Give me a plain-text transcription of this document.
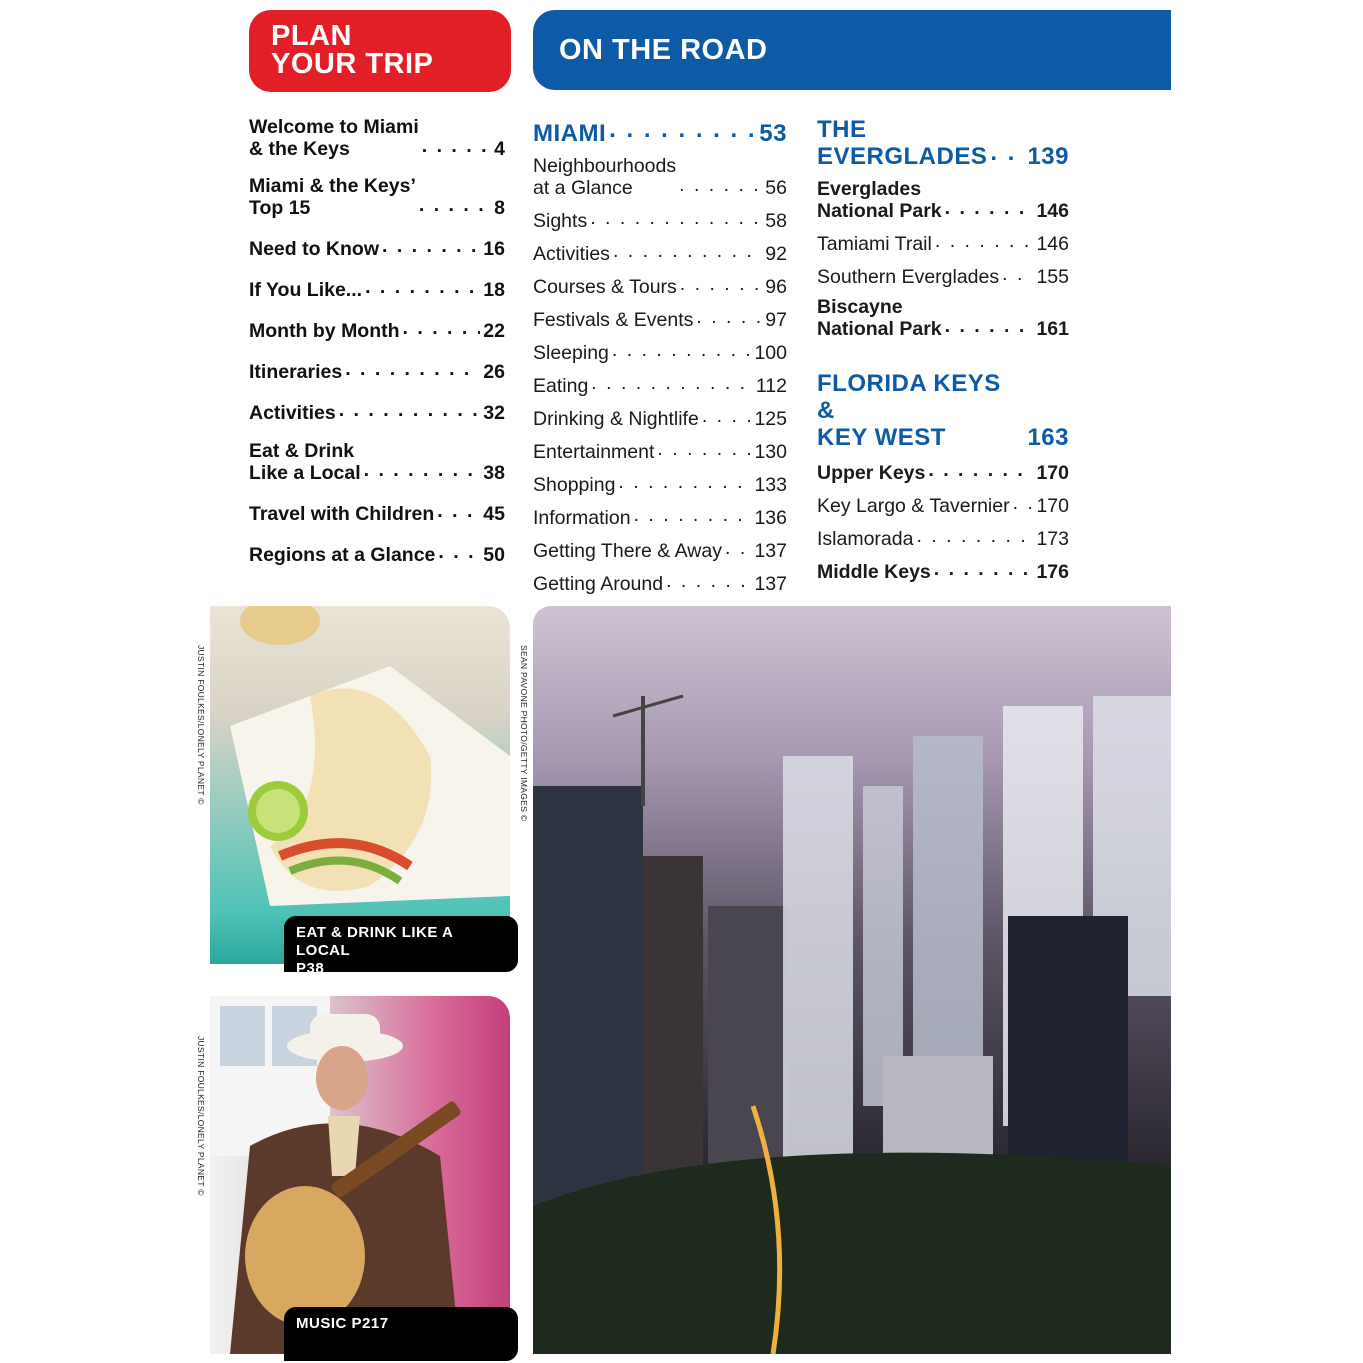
PLAN
YOUR TRIP	ON THE ROAD
Welcome to Miami
& the Keys . . .	4
Miami & the Keys’
Top 15 . . .	8
Need to Know . . .	16
If You Like... . . .	18
Month by Month . . .	22
Itineraries . . .	26
Activities . . .	32
Eat & Drink
Like a Local . . .	38
Travel with Children . . .	45
Regions at a Glance . . . 50
MIAMI . . .	53
Neighbourhoods
at a Glance . . .	56
Sights . . .	58
Activities . . .	92
Courses & Tours . . .	96
Festivals & Events . . .	97
Sleeping . . .	100
Eating . . .	112
Drinking & Nightlife . . .	125
Entertainment . . .	130
Shopping . . .	133
Information . . .	136
Getting There & Away . . . 137
Getting Around . . .	137
THE
EVERGLADES . . . 139
Everglades
National Park . . .	146
Tamiami Trail . . .	146
Southern Everglades . . . 155
Biscayne
National Park . . .	161
FLORIDA KEYS &
KEY WEST	163
Upper Keys . . .	170
Key Largo & Tavernier . . . 170
Islamorada . . .	173
Middle Keys . . .	176
EAT & DRINK LIKE A LOCAL
P38
MUSIC P217
JUSTIN FOULKES/LONELY PLANET ©
JUSTIN FOULKES/LONELY PLANET ©
SEAN PAVONE PHOTO/GETTY IMAGES ©
